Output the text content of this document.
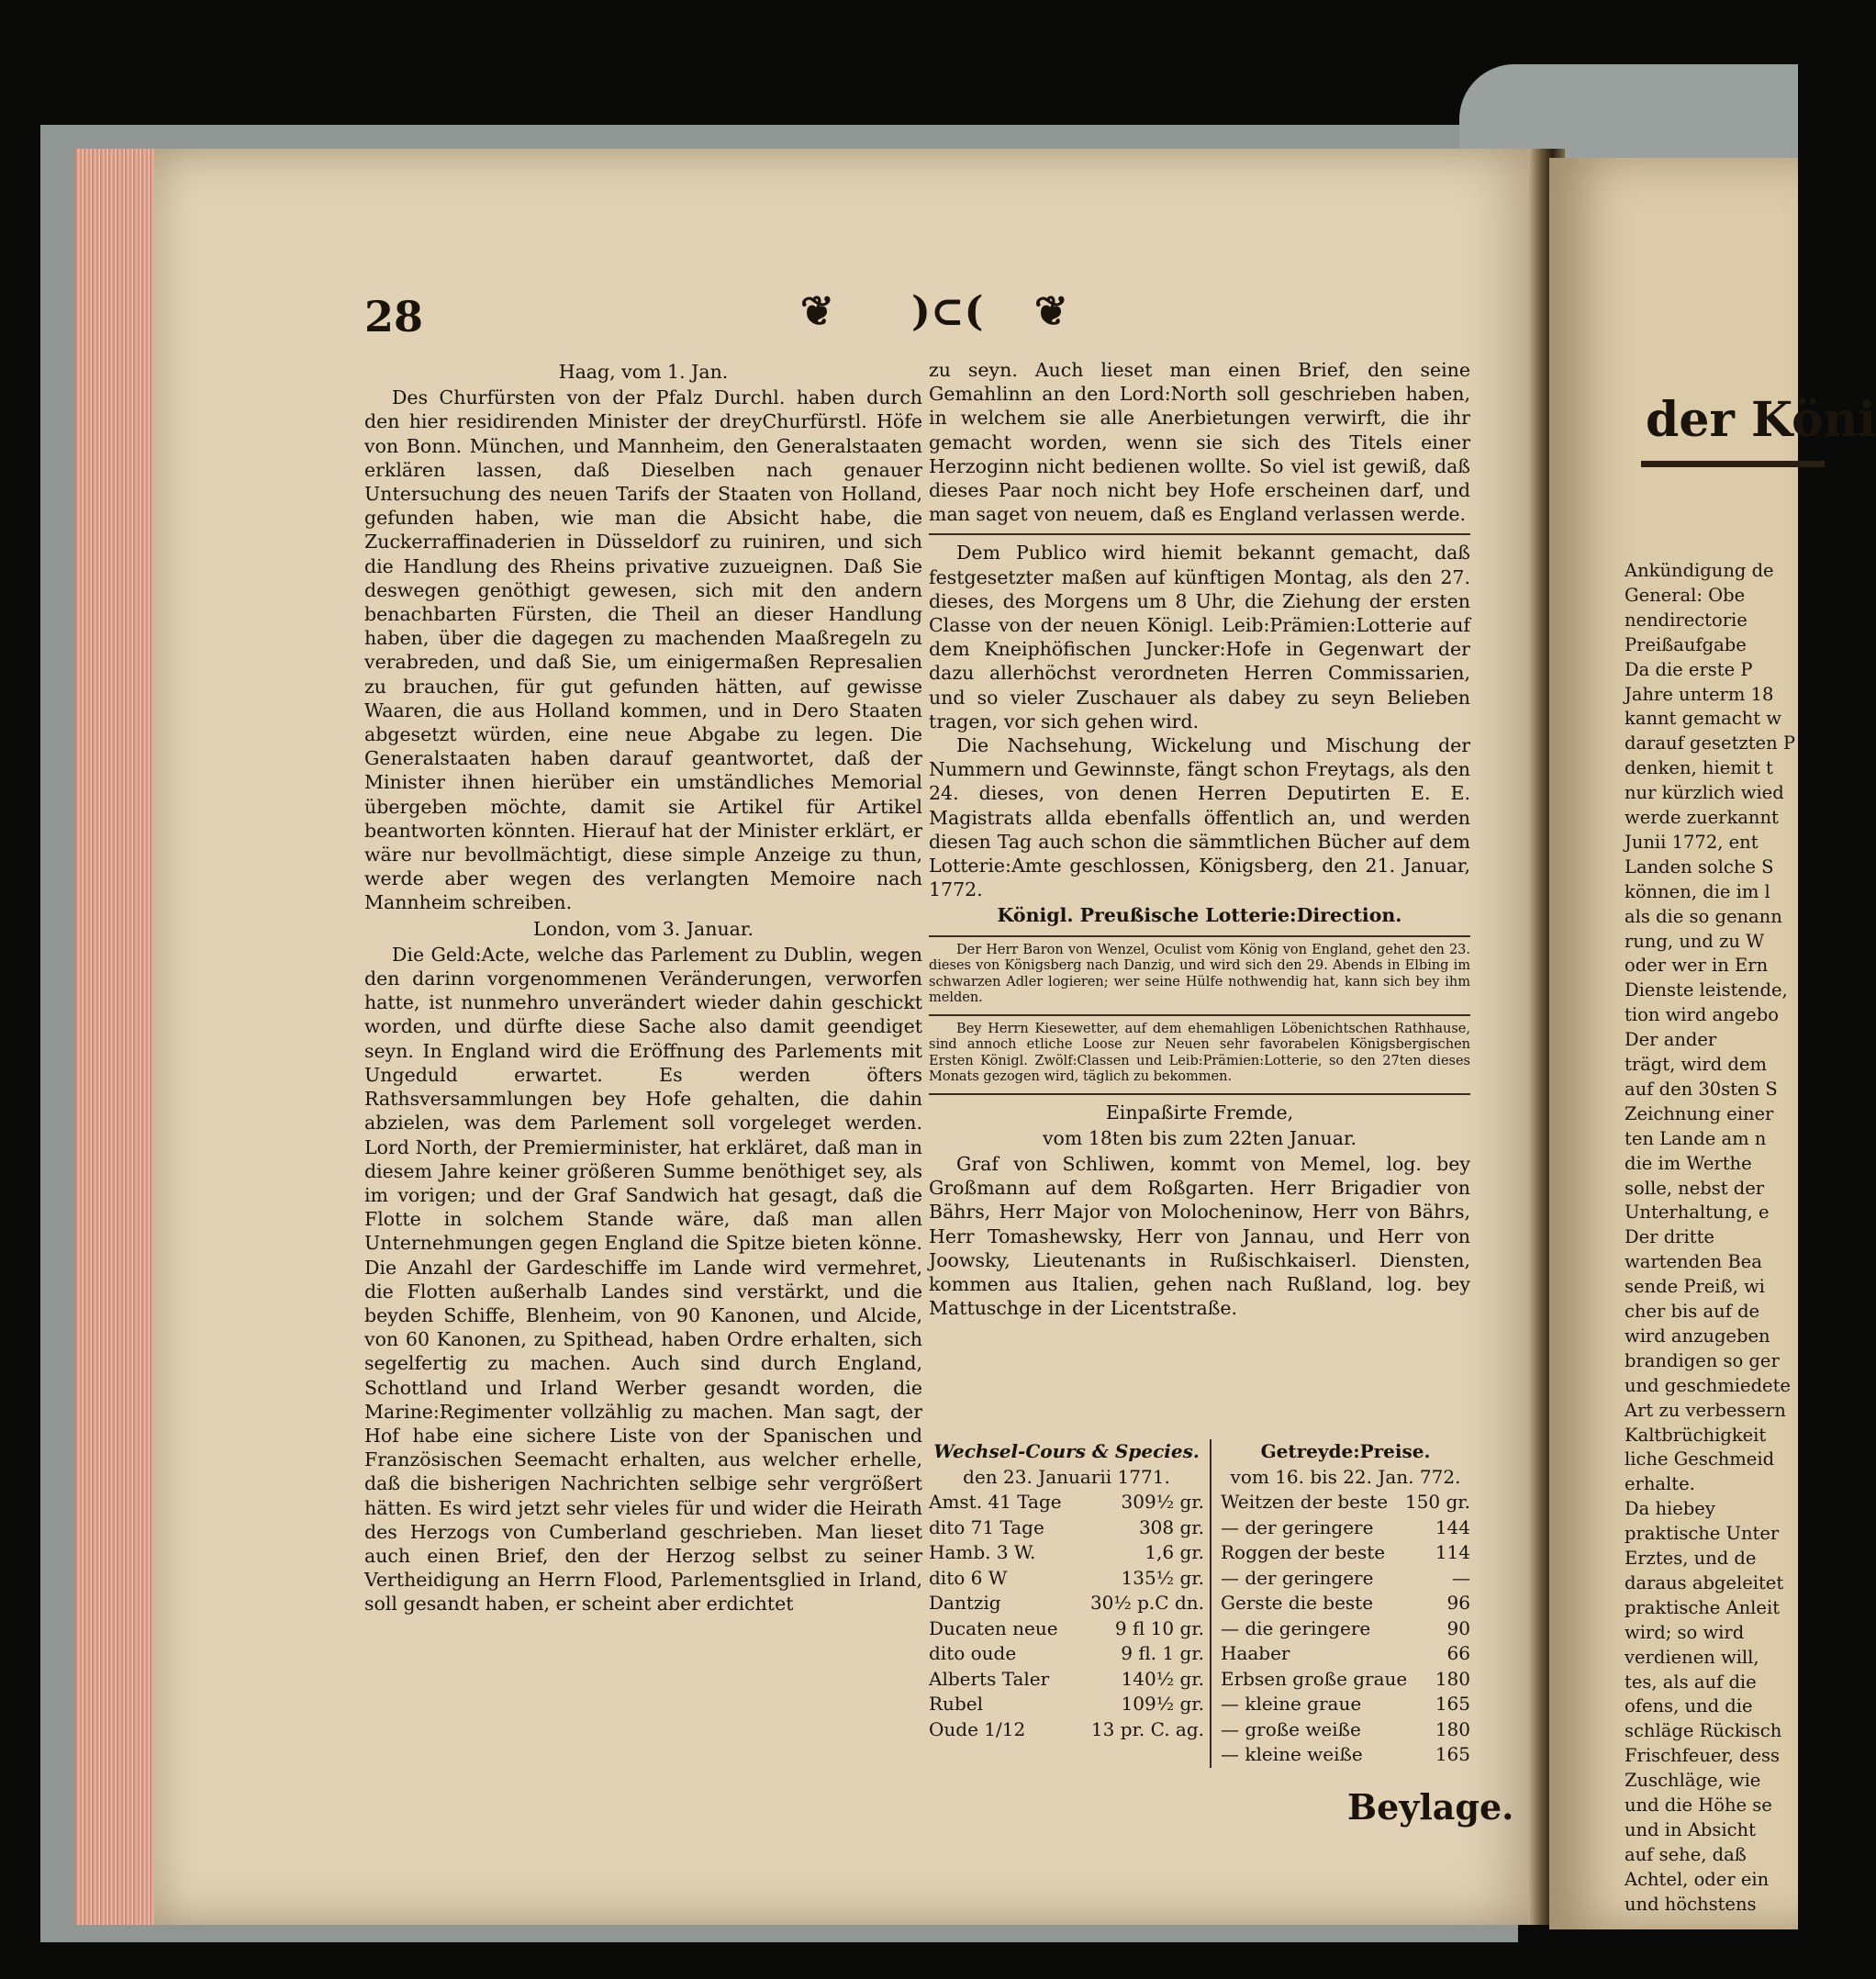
der Köni
Ankündigung de
General: Obe
nendirectorie
Preißaufgabe
Da die erste P
Jahre unterm 18
kannt gemacht w
darauf gesetzten P
denken, hiemit t
nur kürzlich wied
werde zuerkannt
Junii 1772, ent
Landen solche S
können, die im l
als die so genann
rung, und zu W
oder wer in Ern
Dienste leistende,
tion wird angebo
Der ander
trägt, wird dem
auf den 30sten S
Zeichnung einer
ten Lande am n
die im Werthe
solle, nebst der
Unterhaltung, e
Der dritte
wartenden Bea
sende Preiß, wi
cher bis auf de
wird anzugeben
brandigen so ger
und geschmiedete
Art zu verbessern
Kaltbrüchigkeit
liche Geschmeid
erhalte.
Da hiebey
praktische Unter
Erztes, und de
daraus abgeleitet
praktische Anleit
wird; so wird
verdienen will,
tes, als auf die
ofens, und die
schläge Rückisch
Frischfeuer, dess
Zuschläge, wie
und die Höhe se
und in Absicht
auf sehe, daß
Achtel, oder ein
und höchstens
28	❦ )⊂( ❦
Haag, vom 1. Jan.

Des Churfürsten von der Pfalz Durchl. haben durch den hier residirenden Minister der dreyChurfürstl. Höfe von Bonn. München, und Mannheim, den Generalstaaten erklären lassen, daß Dieselben nach genauer Untersuchung des neuen Tarifs der Staaten von Holland, gefunden haben, wie man die Absicht habe, die Zuckerraffinaderien in Düsseldorf zu ruiniren, und sich die Handlung des Rheins privative zuzueignen. Daß Sie deswegen genöthigt gewesen, sich mit den andern benachbarten Fürsten, die Theil an dieser Handlung haben, über die dagegen zu machenden Maaßregeln zu verabreden, und daß Sie, um einigermaßen Represalien zu brauchen, für gut gefunden hätten, auf gewisse Waaren, die aus Holland kommen, und in Dero Staaten abgesetzt würden, eine neue Abgabe zu legen. Die Generalstaaten haben darauf geantwortet, daß der Minister ihnen hierüber ein umständliches Memorial übergeben möchte, damit sie Artikel für Artikel beantworten könnten. Hierauf hat der Minister erklärt, er wäre nur bevollmächtigt, diese simple Anzeige zu thun, werde aber wegen des verlangten Memoire nach Mannheim schreiben.

London, vom 3. Januar.

Die Geld:Acte, welche das Parlement zu Dublin, wegen den darinn vorgenommenen Veränderungen, verworfen hatte, ist nunmehro unverändert wieder dahin geschickt worden, und dürfte diese Sache also damit geendiget seyn. In England wird die Eröffnung des Parlements mit Ungeduld erwartet. Es werden öfters Rathsversammlungen bey Hofe gehalten, die dahin abzielen, was dem Parlement soll vorgeleget werden. Lord North, der Premierminister, hat erkläret, daß man in diesem Jahre keiner größeren Summe benöthiget sey, als im vorigen; und der Graf Sandwich hat gesagt, daß die Flotte in solchem Stande wäre, daß man allen Unternehmungen gegen England die Spitze bieten könne. Die Anzahl der Gardeschiffe im Lande wird vermehret, die Flotten außerhalb Landes sind verstärkt, und die beyden Schiffe, Blenheim, von 90 Kanonen, und Alcide, von 60 Kanonen, zu Spithead, haben Ordre erhalten, sich segelfertig zu machen. Auch sind durch England, Schottland und Irland Werber gesandt worden, die Marine:Regimenter vollzählig zu machen. Man sagt, der Hof habe eine sichere Liste von der Spanischen und Französischen Seemacht erhalten, aus welcher erhelle, daß die bisherigen Nachrichten selbige sehr vergrößert hätten. Es wird jetzt sehr vieles für und wider die Heirath des Herzogs von Cumberland geschrieben. Man lieset auch einen Brief, den der Herzog selbst zu seiner Vertheidigung an Herrn Flood, Parlementsglied in Irland, soll gesandt haben, er scheint aber erdichtet

zu seyn. Auch lieset man einen Brief, den seine Gemahlinn an den Lord:North soll geschrieben haben, in welchem sie alle Anerbietungen verwirft, die ihr gemacht worden, wenn sie sich des Titels einer Herzoginn nicht bedienen wollte. So viel ist gewiß, daß dieses Paar noch nicht bey Hofe erscheinen darf, und man saget von neuem, daß es England verlassen werde.

Dem Publico wird hiemit bekannt gemacht, daß festgesetzter maßen auf künftigen Montag, als den 27. dieses, des Morgens um 8 Uhr, die Ziehung der ersten Classe von der neuen Königl. Leib:Prämien:Lotterie auf dem Kneiphöfischen Juncker:Hofe in Gegenwart der dazu allerhöchst verordneten Herren Commissarien, und so vieler Zuschauer als dabey zu seyn Belieben tragen, vor sich gehen wird.

Die Nachsehung, Wickelung und Mischung der Nummern und Gewinnste, fängt schon Freytags, als den 24. dieses, von denen Herren Deputirten E. E. Magistrats allda ebenfalls öffentlich an, und werden diesen Tag auch schon die sämmtlichen Bücher auf dem Lotterie:Amte geschlossen, Königsberg, den 21. Januar, 1772.

Königl. Preußische Lotterie:Direction.

Der Herr Baron von Wenzel, Oculist vom König von England, gehet den 23. dieses von Königsberg nach Danzig, und wird sich den 29. Abends in Elbing im schwarzen Adler logieren; wer seine Hülfe nothwendig hat, kann sich bey ihm melden.

Bey Herrn Kiesewetter, auf dem ehemahligen Löbenichtschen Rathhause, sind annoch etliche Loose zur Neuen sehr favorabelen Königsbergischen Ersten Königl. Zwölf:Classen und Leib:Prämien:Lotterie, so den 27ten dieses Monats gezogen wird, täglich zu bekommen.

Einpaßirte Fremde,
vom 18ten bis zum 22ten Januar.

Graf von Schliwen, kommt von Memel, log. bey Großmann auf dem Roßgarten. Herr Brigadier von Bährs, Herr Major von Molocheninow, Herr von Bährs, Herr Tomashewsky, Herr von Jannau, und Herr von Joowsky, Lieutenants in Rußischkaiserl. Diensten, kommen aus Italien, gehen nach Rußland, log. bey Mattuschge in der Licentstraße.

Wechsel-Cours & Species.
den 23. Januarii 1771.
Amst. 41 Tage	309½ gr.
dito 71 Tage	308 gr.
Hamb. 3 W.	1,6 gr.
dito 6 W	135½ gr.
Dantzig	30½ p.C dn.
Ducaten neue	9 fl 10 gr.
dito oude	9 fl. 1 gr.
Alberts Taler	140½ gr.
Rubel	109½ gr.
Oude 1/12	13 pr. C. ag.
Getreyde:Preise.
vom 16. bis 22. Jan. 772.
Weitzen der beste 150 gr.
— der geringere	144
Roggen der beste	114
— der geringere	—
Gerste die beste	96
— die geringere	90
Haaber	66
Erbsen große graue 180
— kleine graue	165
— große weiße	180
— kleine weiße	165
Beylage.
